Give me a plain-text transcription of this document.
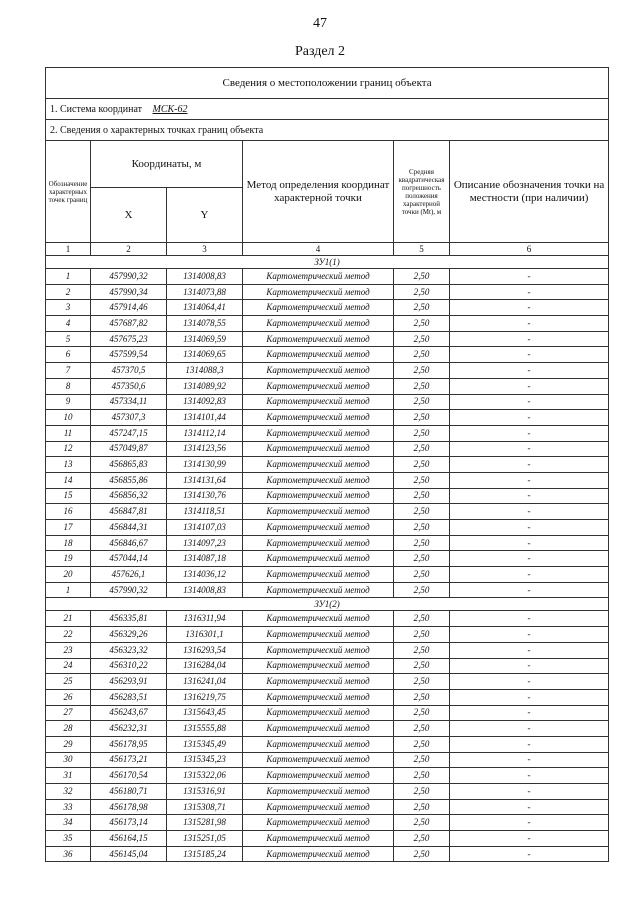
47
Раздел 2
Сведения о местоположении границ объекта					
1. Система координат МСК-62					
2. Сведения о характерных точках границ объекта					
Обозначение характерных точек границ	Координаты, м		Метод определения координат характерной точки	Средняя квадратическая погрешность положения характерной точки (Mt), м	Описание обозначения точки на местности (при наличии)
	X	Y			
1	2	3	4	5	6
ЗУ1(1)					
1	457990,32	1314008,83	Картометрический метод	2,50	-
2	457990,34	1314073,88	Картометрический метод	2,50	-
3	457914,46	1314064,41	Картометрический метод	2,50	-
4	457687,82	1314078,55	Картометрический метод	2,50	-
5	457675,23	1314069,59	Картометрический метод	2,50	-
6	457599,54	1314069,65	Картометрический метод	2,50	-
7	457370,5	1314088,3	Картометрический метод	2,50	-
8	457350,6	1314089,92	Картометрический метод	2,50	-
9	457334,11	1314092,83	Картометрический метод	2,50	-
10	457307,3	1314101,44	Картометрический метод	2,50	-
11	457247,15	1314112,14	Картометрический метод	2,50	-
12	457049,87	1314123,56	Картометрический метод	2,50	-
13	456865,83	1314130,99	Картометрический метод	2,50	-
14	456855,86	1314131,64	Картометрический метод	2,50	-
15	456856,32	1314130,76	Картометрический метод	2,50	-
16	456847,81	1314118,51	Картометрический метод	2,50	-
17	456844,31	1314107,03	Картометрический метод	2,50	-
18	456846,67	1314097,23	Картометрический метод	2,50	-
19	457044,14	1314087,18	Картометрический метод	2,50	-
20	457626,1	1314036,12	Картометрический метод	2,50	-
1	457990,32	1314008,83	Картометрический метод	2,50	-
ЗУ1(2)					
21	456335,81	1316311,94	Картометрический метод	2,50	-
22	456329,26	1316301,1	Картометрический метод	2,50	-
23	456323,32	1316293,54	Картометрический метод	2,50	-
24	456310,22	1316284,04	Картометрический метод	2,50	-
25	456293,91	1316241,04	Картометрический метод	2,50	-
26	456283,51	1316219,75	Картометрический метод	2,50	-
27	456243,67	1315643,45	Картометрический метод	2,50	-
28	456232,31	1315555,88	Картометрический метод	2,50	-
29	456178,95	1315345,49	Картометрический метод	2,50	-
30	456173,21	1315345,23	Картометрический метод	2,50	-
31	456170,54	1315322,06	Картометрический метод	2,50	-
32	456180,71	1315316,91	Картометрический метод	2,50	-
33	456178,98	1315308,71	Картометрический метод	2,50	-
34	456173,14	1315281,98	Картометрический метод	2,50	-
35	456164,15	1315251,05	Картометрический метод	2,50	-
36	456145,04	1315185,24	Картометрический метод	2,50	-
